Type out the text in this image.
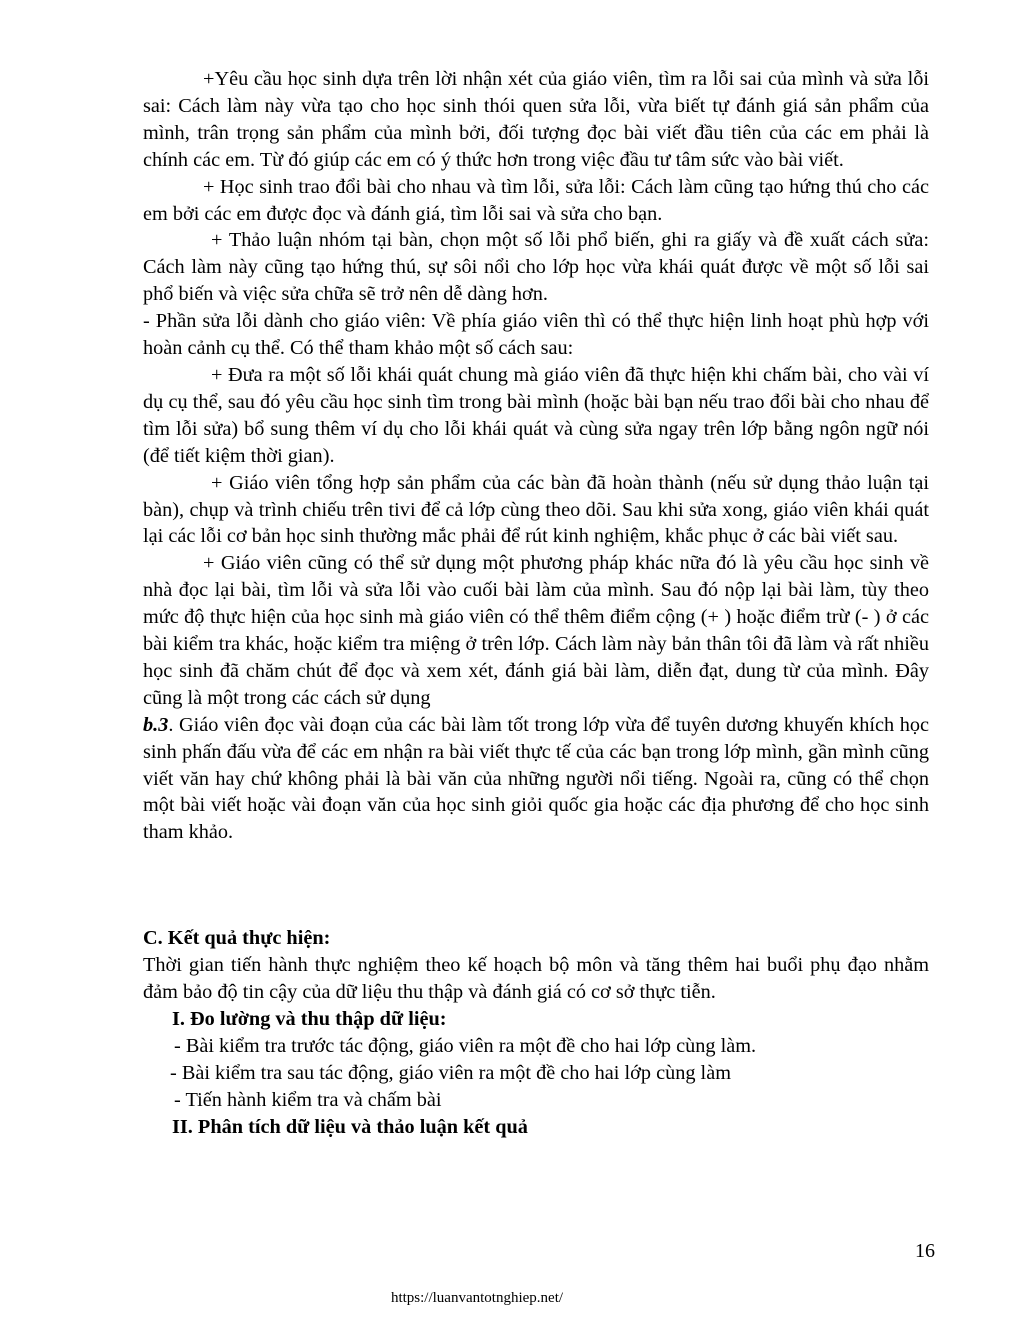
+Yêu cầu học sinh dựa trên lời nhận xét của giáo viên, tìm ra lỗi sai của mình và sửa lỗi sai: Cách làm này vừa tạo cho học sinh thói quen sửa lỗi, vừa biết tự đánh giá sản phẩm của mình, trân trọng sản phẩm của mình bởi, đối tượng đọc bài viết đầu tiên của các em phải là chính các em. Từ đó giúp các em có ý thức hơn trong việc đầu tư tâm sức vào bài viết.

+ Học sinh trao đổi bài cho nhau và tìm lỗi, sửa lỗi: Cách làm cũng tạo hứng thú cho các em bởi các em được đọc và đánh giá, tìm lỗi sai và sửa cho bạn.

+ Thảo luận nhóm tại bàn, chọn một số lỗi phổ biến, ghi ra giấy và đề xuất cách sửa: Cách làm này cũng tạo hứng thú, sự sôi nổi cho lớp học vừa khái quát được về một số lỗi sai phổ biến và việc sửa chữa sẽ trở nên dễ dàng hơn.

- Phần sửa lỗi dành cho giáo viên: Về phía giáo viên thì có thể thực hiện linh hoạt phù hợp với hoàn cảnh cụ thể. Có thể tham khảo một số cách sau:

+ Đưa ra một số lỗi khái quát chung mà giáo viên đã thực hiện khi chấm bài, cho vài ví dụ cụ thể, sau đó yêu cầu học sinh tìm trong bài mình (hoặc bài bạn nếu trao đổi bài cho nhau để tìm lỗi sửa) bổ sung thêm ví dụ cho lỗi khái quát và cùng sửa ngay trên lớp bằng ngôn ngữ nói (để tiết kiệm thời gian).

+ Giáo viên tổng hợp sản phẩm của các bàn đã hoàn thành (nếu sử dụng thảo luận tại bàn), chụp và trình chiếu trên tivi để cả lớp cùng theo dõi. Sau khi sửa xong, giáo viên khái quát lại các lỗi cơ bản học sinh thường mắc phải để rút kinh nghiệm, khắc phục ở các bài viết sau.

+ Giáo viên cũng có thể sử dụng một phương pháp khác nữa đó là yêu cầu học sinh về nhà đọc lại bài, tìm lỗi và sửa lỗi vào cuối bài làm của mình. Sau đó nộp lại bài làm, tùy theo mức độ thực hiện của học sinh mà giáo viên có thể thêm điểm cộng (+ ) hoặc điểm trừ (- ) ở các bài kiểm tra khác, hoặc kiểm tra miệng ở trên lớp. Cách làm này bản thân tôi đã làm và rất nhiều học sinh đã chăm chút để đọc và xem xét, đánh giá bài làm, diễn đạt, dung từ của mình. Đây cũng là một trong các cách sử dụng

b.3. Giáo viên đọc vài đoạn của các bài làm tốt trong lớp vừa để tuyên dương khuyến khích học sinh phấn đấu vừa để các em nhận ra bài viết thực tế của các bạn trong lớp mình, gần mình cũng viết văn hay chứ không phải là bài văn của những người nổi tiếng. Ngoài ra, cũng có thể chọn một bài viết hoặc vài đoạn văn của học sinh giỏi quốc gia hoặc các địa phương để cho học sinh tham khảo.

C. Kết quả thực hiện:

Thời gian tiến hành thực nghiệm theo kế hoạch bộ môn và tăng thêm hai buổi phụ đạo nhằm đảm bảo độ tin cậy của dữ liệu thu thập và đánh giá có cơ sở thực tiễn.

I. Đo lường và thu thập dữ liệu:

- Bài kiểm tra trước tác động, giáo viên ra một đề cho hai lớp cùng làm.

- Bài kiểm tra sau tác động, giáo viên ra một đề cho hai lớp cùng làm

- Tiến hành kiểm tra và chấm bài

II. Phân tích dữ liệu và thảo luận kết quả

16
https://luanvantotnghiep.net/
